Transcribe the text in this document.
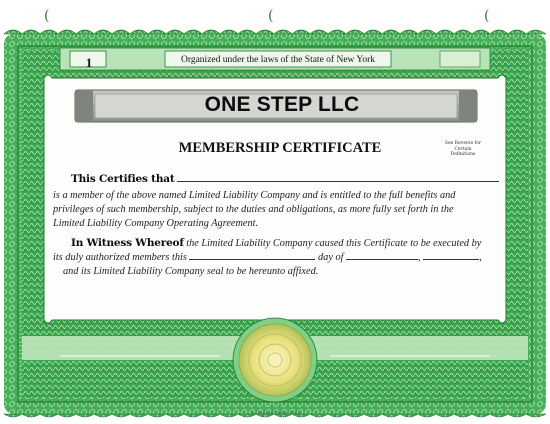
(	(	(
1	Organized under the laws of the State of New York
ONE STEP LLC
MEMBERSHIP CERTIFICATE	See Reverse for
Certain Definitions
This Certifies that
is a member of the above named Limited Liability Company and is entitled to the full benefits and
privileges of such membership, subject to the duties and obligations, as more fully set forth in the
Limited Liability Company Operating Agreement.
In Witness Whereof the Limited Liability Company caused this Certificate to be executed by
its duly authorized members this	day of	,	,
and its Limited Liability Company seal to be hereunto affixed.
COPYRIGHT NEW YORK
